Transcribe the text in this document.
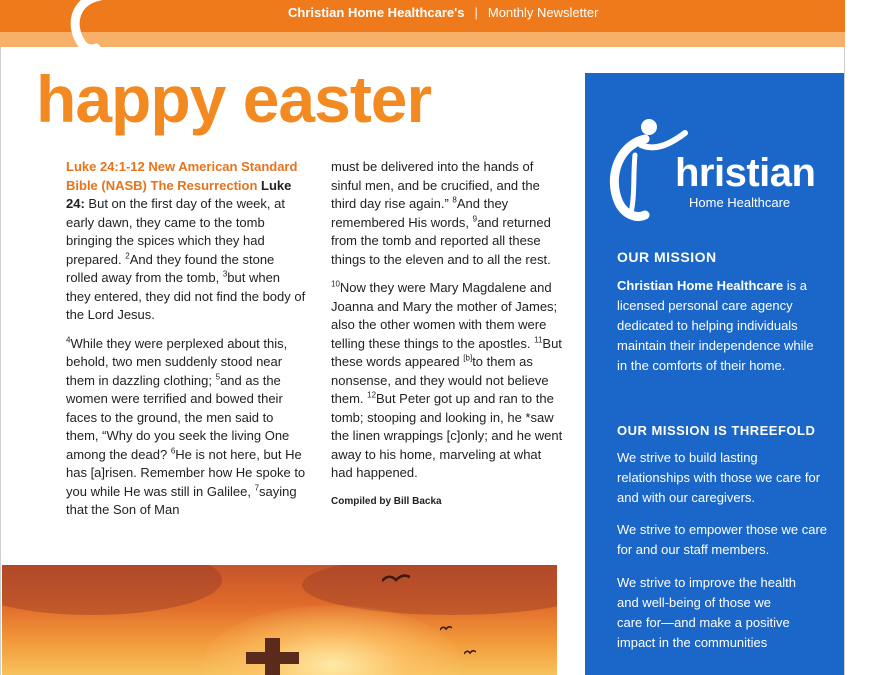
Christian Home Healthcare's | Monthly Newsletter
happy easter

Luke 24:1-12 New American Standard Bible (NASB) The Resurrection Luke 24: But on the first day of the week, at early dawn, they came to the tomb bringing the spices which they had prepared. $^2$And they found the stone rolled away from the tomb, $^3$but when they entered, they did not find the body of the Lord Jesus.

$^4$While they were perplexed about this, behold, two men suddenly stood near them in dazzling clothing; $^5$and as the women were terrified and bowed their faces to the ground, the men said to them, “Why do you seek the living One among the dead? $^6$He is not here, but He has [a]risen. Remember how He spoke to you while He was still in Galilee, $^7$saying that the Son of Man

must be delivered into the hands of sinful men, and be crucified, and the third day rise again.” $^8$And they remembered His words, $^9$and returned from the tomb and reported all these things to the eleven and to all the rest.

$^{10}$Now they were Mary Magdalene and Joanna and Mary the mother of James; also the other women with them were telling these things to the apostles. $^{11}$But these words appeared [b]to them as nonsense, and they would not believe them. $^{12}$But Peter got up and ran to the tomb; stooping and looking in, he *saw the linen wrappings [c]only; and he went away to his home, marveling at what had happened.

Compiled by Bill Backa
hristian
Home Healthcare
OUR MISSION
Christian Home Healthcare is a licensed personal care agency dedicated to helping individuals maintain their independence while in the comforts of their home.
OUR MISSION IS THREEFOLD
We strive to build lasting relationships with those we care for and with our caregivers.
We strive to empower those we care for and our staff members.
We strive to improve the health and well-being of those we care for—and make a positive impact in the communities
